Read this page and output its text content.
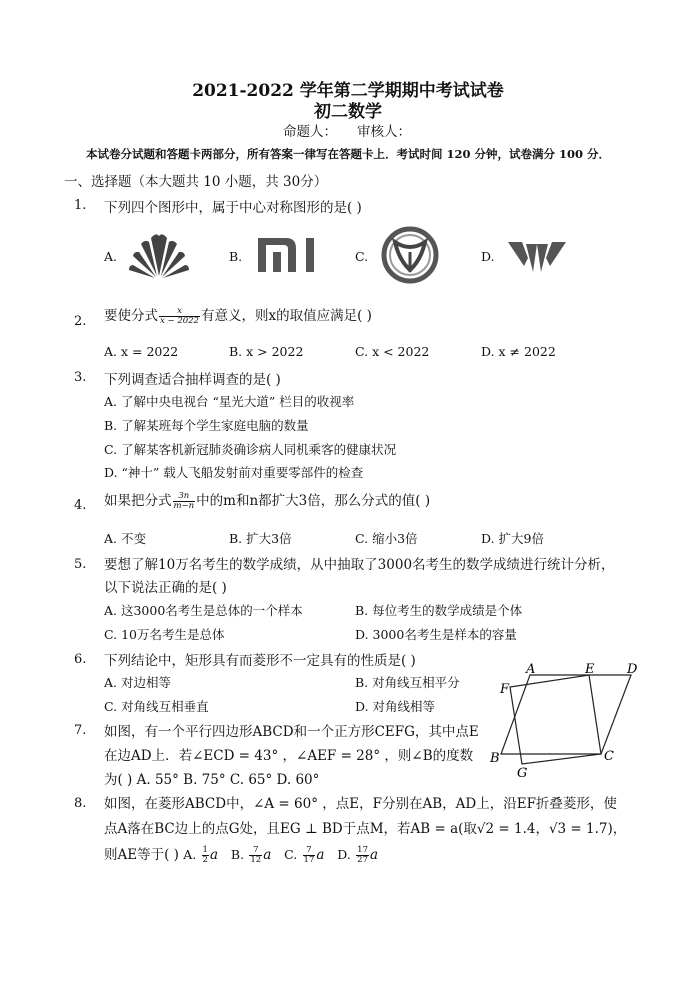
2021-2022 学年第二学期期中考试试卷
初二数学
命题人： 审核人：
本试卷分试题和答题卡两部分，所有答案一律写在答题卡上．考试时间 120 分钟，试卷满分 100 分．
一、选择题（本大题共 10 小题，共 30分）
1. 下列四个图形中，属于中心对称图形的是( )
A.	B.	C.	D.
2. 要使分式 $\frac{x}{x - 2022}$ 有意义，则x的取值应满足( )
A. x = 2022	B. x > 2022	C. x < 2022	D. x ≠ 2022
3. 下列调查适合抽样调查的是( )
A. 了解中央电视台 “星光大道” 栏目的收视率
B. 了解某班每个学生家庭电脑的数量
C. 了解某客机新冠肺炎确诊病人同机乘客的健康状况
D. “神十” 载人飞船发射前对重要零部件的检查
4. 如果把分式 $\frac{3n}{m-n}$ 中的m和n都扩大3倍，那么分式的值( )
A. 不变	B. 扩大3倍	C. 缩小3倍	D. 扩大9倍
5. 要想了解10万名考生的数学成绩，从中抽取了3000名考生的数学成绩进行统计分析，
以下说法正确的是( )
A. 这3000名考生是总体的一个样本	B. 每位考生的数学成绩是个体
C. 10万名考生是总体	D. 3000名考生是样本的容量
6. 下列结论中，矩形具有而菱形不一定具有的性质是( )
A. 对边相等	B. 对角线互相平分
C. 对角线互相垂直	D. 对角线相等
7. 如图，有一个平行四边形ABCD和一个正方形CEFG，其中点E
在边AD上．若∠ECD = 43° ，∠AEF = 28° ，则∠B的度数
为( ) A. 55° B. 75° C. 65° D. 60°
A	E	D
F
B
G
C
8. 如图，在菱形ABCD中，∠A = 60° ，点E，F分别在AB，AD上，沿EF折叠菱形，使
点A落在BC边上的点G处，且EG ⊥ BD于点M，若AB = a(取√2 = 1.4，√3 = 1.7)，
则AE等于( ) A. $\frac{1}{2}$ a B. $\frac{7}{12}$ a C. $\frac{7}{17}$ a D. $\frac{17}{27}$ a
